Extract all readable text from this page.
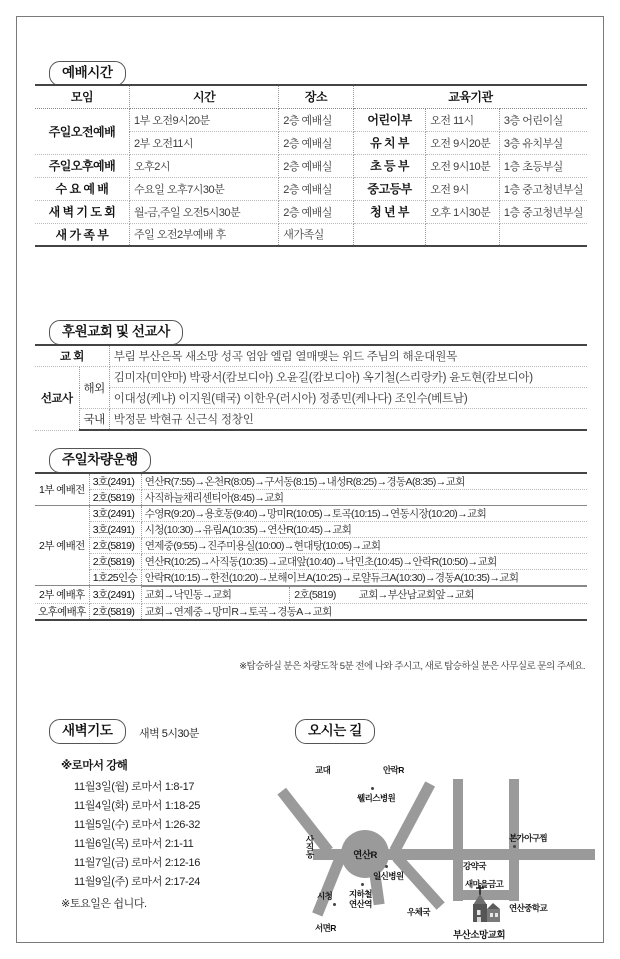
예배시간
모임	시간	장소	교육기관		
주일오전예배	1부 오전9시20분	2층 예배실	어린이부	오전 11시	3층 어린이실
	2부 오전11시	2층 예배실	유 치 부	오전 9시20분	3층 유치부실
주일오후예배	오후2시	2층 예배실	초 등 부	오전 9시10분	1층 초등부실
수 요 예 배	수요일 오후7시30분	2층 예배실	중고등부	오전 9시	1층 중고청년부실
새 벽 기 도 회	월-금,주일 오전5시30분	2층 예배실	청 년 부	오후 1시30분	1층 중고청년부실
새 가 족 부	주일 오전2부예배 후	새가족실			
후원교회 및 선교사
교 회		부림 부산은목 새소망 성곡 엄암 엘림 열매맺는 위드 주님의 해운대원목
선교사	해외	김미자(미얀마) 박광서(캄보디아) 오윤길(캄보디아) 옥기철(스리랑카) 윤도현(캄보디아)
		이대성(케냐) 이지원(태국) 이한우(러시아) 정종민(케나다) 조인수(베트남)
	국내	박정문 박현규 신근식 정창인
주일차량운행
1부 예배전	3호(2491)	연산R(7:55)→온천R(8:05)→구서동(8:15)→내성R(8:25)→경동A(8:35)→교회
2호(5819)	사직하늘채리센티아(8:45)→교회
2부 예배전	3호(2491)	수영R(9:20)→용호동(9:40)→망미R(10:05)→토곡(10:15)→연동시장(10:20)→교회
3호(2491)	시청(10:30)→유림A(10:35)→연산R(10:45)→교회
2호(5819)	연제중(9:55)→진주미용실(10:00)→현대탕(10:05)→교회
2호(5819)	연산R(10:25)→사직동(10:35)→교대앞(10:40)→낙민초(10:45)→안락R(10:50)→교회
1호25인승	안락R(10:15)→한전(10:20)→보해이브A(10:25)→로얄듀크A(10:30)→경동A(10:35)→교회
2부 예배후	3호(2491)	교회→낙민동→교회	2호(5819)	교회→부산남교회앞→교회

오후예배후	2호(5819)	교회→연제중→망미R→토곡→경동A→교회
※탑승하실 분은 차량도착 5분 전에 나와 주시고, 새로 탑승하실 분은 사무실로 문의 주세요.
새벽기도	새벽 5시30분
※로마서 강해
11월3일(월) 로마서 1:8-17
11월4일(화) 로마서 1:18-25
11월5일(수) 로마서 1:26-32
11월6일(목) 로마서 2:1-11
11월7일(금) 로마서 2:12-16
11월9일(주) 로마서 2:17-24
※토요일은 쉽니다.
오시는 길
연산R
부산소망교회
교대	안락R
웰리스병원
사직동
일신병원
시청 지하철
연산역
서면R
우체국
본가아구찜
강약국
새마을금고
연산중학교
